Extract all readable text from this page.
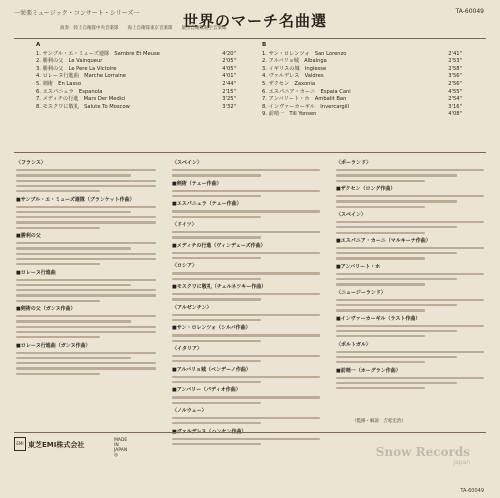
一栄楽ミュージック・コンサート・シリーズ一	世界のマーチ名曲選
TA-60049
演奏：陸上自衛隊中央音楽隊　　海上自衛隊東京音楽隊　　航空自衛隊航空音楽隊
A
1. サンブル・エ・ミューズ連隊　Sambre Et Meuse	4'20"
2. 勝利の父　Le Vainqueur	2'05"
3. 勝利の父　Le Pere La Victoire	4'05"
4. ロレーヌ行進曲　Marche Lorraine	4'01"
5. 剣術　En Lasso	2'44"
6. エスパニェラ　Espanola	2'15"
7. メディチの行進　Mars Der Medici	3'25"
8. モスクワに敬礼　Salute To Moscow	3'32"
B
1. サン・ロレンツォ　San Lorenzo	2'41"
2. アルバリョ城　Albalnga	2'53"
3. イギリスの城　Inglesse	2'58"
4. ヴァルデレス　Valdres	3'56"
5. ザクセン　Zaxonia	2'56"
6. エスパニア・カーニ　Espaia Cani	4'55"
7. アンバリート・ホ　Ambalit Ban	2'54"
8. インヴァーカーギル　Invercargill	3'16"
9. 前哨一　Till Yonsen	4'08"
〈フランス〉
■サンブル・エ・ミューズ連隊（ブランケット作曲）
■勝利の父
■ロレーヌ行進曲
■剣術の父（ガンヌ作曲）
■ロレーヌ行進曲（ガンヌ作曲）
〈スペイン〉
■剣術（テュー作曲）
■エスパニェラ（テュー作曲）
〈ドイツ〉
■メディチの行進（ヴィンデェーズ作曲）
〈ロシア〉
■モスクワに敬礼（チェルネツキー作曲）
〈アルゼンチン〉
■サン・ロレンツォ（シルバ作曲）
〈イタリア〉
■アルバリョ城（ベンデーノ作曲）
■アンバリー（パディオ作曲）
〈ノルウェー〉
■ヴァルデレス（ハンセン作曲）
〈ポーランド〉
■ザクセン（ロング作曲）
〈スペイン〉
■エスパニア・カーニ（マルキーナ作曲）
■アンバリート・ホ
〈ニュージーランド〉
■インヴァーカーギル（ラスト作曲）
〈ポルトガル〉
■前哨一（ホーグラン作曲）
（監修・解説　吉松宏治）
EMI 東芝EMI株式会社
MADE IN JAPAN ◎	Snow Records
japan
TA-60049
